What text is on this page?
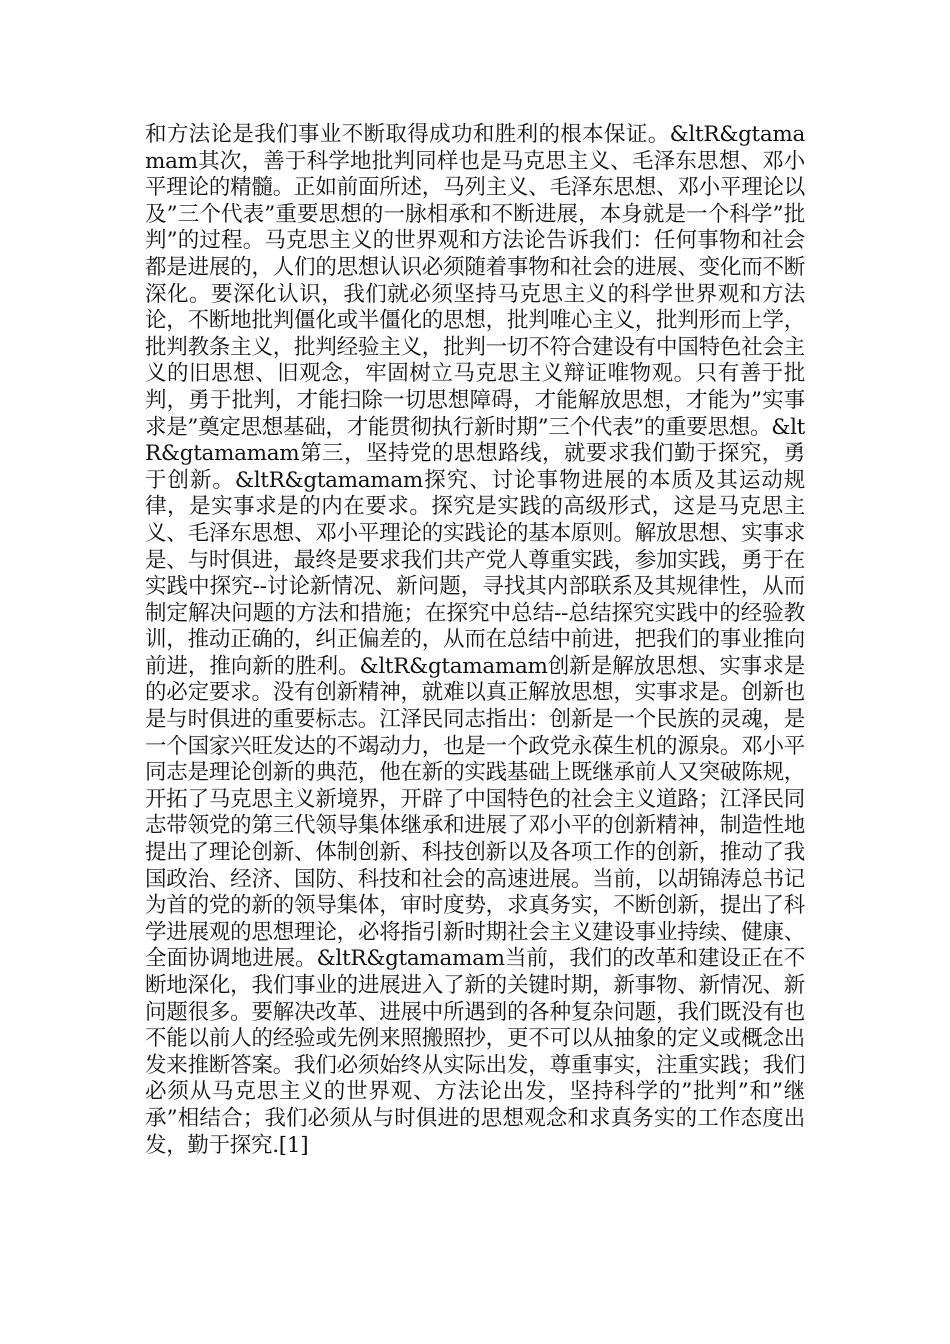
和方法论是我们事业不断取得成功和胜利的根本保证。&ltR&gtamamam其次，善于科学地批判同样也是马克思主义、毛泽东思想、邓小平理论的精髓。正如前面所述，马列主义、毛泽东思想、邓小平理论以及”三个代表”重要思想的一脉相承和不断进展，本身就是一个科学”批判”的过程。马克思主义的世界观和方法论告诉我们：任何事物和社会都是进展的，人们的思想认识必须随着事物和社会的进展、变化而不断深化。要深化认识，我们就必须坚持马克思主义的科学世界观和方法论，不断地批判僵化或半僵化的思想，批判唯心主义，批判形而上学，批判教条主义，批判经验主义，批判一切不符合建设有中国特色社会主义的旧思想、旧观念，牢固树立马克思主义辩证唯物观。只有善于批判，勇于批判，才能扫除一切思想障碍，才能解放思想，才能为”实事求是”奠定思想基础，才能贯彻执行新时期”三个代表”的重要思想。&ltR&gtamamam第三，坚持党的思想路线，就要求我们勤于探究，勇于创新。&ltR&gtamamam探究、讨论事物进展的本质及其运动规律，是实事求是的内在要求。探究是实践的高级形式，这是马克思主义、毛泽东思想、邓小平理论的实践论的基本原则。解放思想、实事求是、与时俱进，最终是要求我们共产党人尊重实践，参加实践，勇于在实践中探究--讨论新情况、新问题，寻找其内部联系及其规律性，从而制定解决问题的方法和措施；在探究中总结--总结探究实践中的经验教训，推动正确的，纠正偏差的，从而在总结中前进，把我们的事业推向前进，推向新的胜利。&ltR&gtamamam创新是解放思想、实事求是的必定要求。没有创新精神，就难以真正解放思想，实事求是。创新也是与时俱进的重要标志。江泽民同志指出：创新是一个民族的灵魂，是一个国家兴旺发达的不竭动力，也是一个政党永葆生机的源泉。邓小平同志是理论创新的典范，他在新的实践基础上既继承前人又突破陈规，开拓了马克思主义新境界，开辟了中国特色的社会主义道路；江泽民同志带领党的第三代领导集体继承和进展了邓小平的创新精神，制造性地提出了理论创新、体制创新、科技创新以及各项工作的创新，推动了我国政治、经济、国防、科技和社会的高速进展。当前，以胡锦涛总书记为首的党的新的领导集体，审时度势，求真务实，不断创新，提出了科学进展观的思想理论，必将指引新时期社会主义建设事业持续、健康、全面协调地进展。&ltR&gtamamam当前，我们的改革和建设正在不断地深化，我们事业的进展进入了新的关键时期，新事物、新情况、新问题很多。要解决改革、进展中所遇到的各种复杂问题，我们既没有也不能以前人的经验或先例来照搬照抄，更不可以从抽象的定义或概念出发来推断答案。我们必须始终从实际出发，尊重事实，注重实践；我们必须从马克思主义的世界观、方法论出发，坚持科学的”批判”和”继承”相结合；我们必须从与时俱进的思想观念和求真务实的工作态度出发，勤于探究.[1]
